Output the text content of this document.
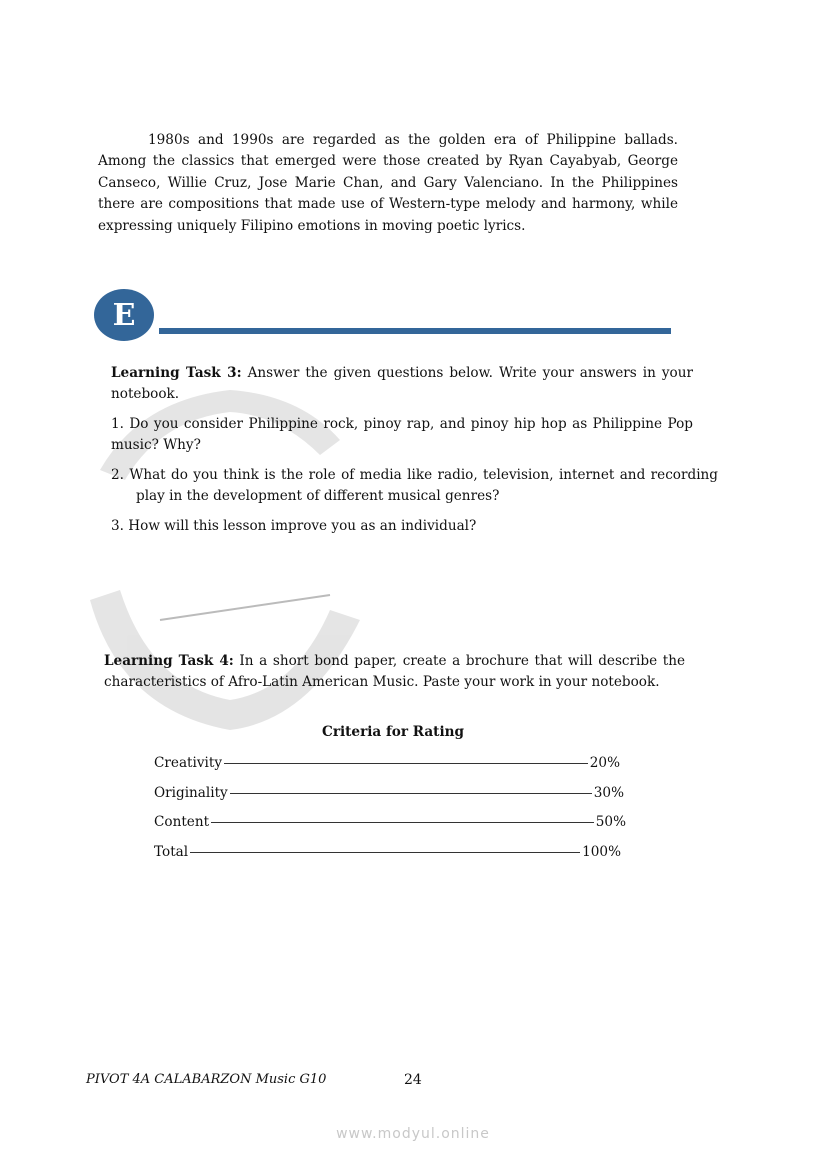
1980s and 1990s are regarded as the golden era of Philippine ballads. Among the classics that emerged were those created by Ryan Cayabyab, George Canseco, Willie Cruz, Jose Marie Chan, and Gary Valenciano. In the Philippines there are compositions that made use of Western-type melody and harmony, while expressing uniquely Filipino emotions in moving poetic lyrics.

E

Learning Task 3: Answer the given questions below. Write your answers in your notebook.

1. Do you consider Philippine rock, pinoy rap, and pinoy hip hop as Philippine Pop music? Why?

2. What do you think is the role of media like radio, television, internet and recording play in the development of different musical genres?

3. How will this lesson improve you as an individual?

Learning Task 4: In a short bond paper, create a brochure that will describe the characteristics of Afro-Latin American Music. Paste your work in your notebook.

Criteria for Rating
Creativity	20%
Originality	30%
Content	50%
Total	100%
PIVOT 4A CALABARZON Music G10	24
www.modyul.online
